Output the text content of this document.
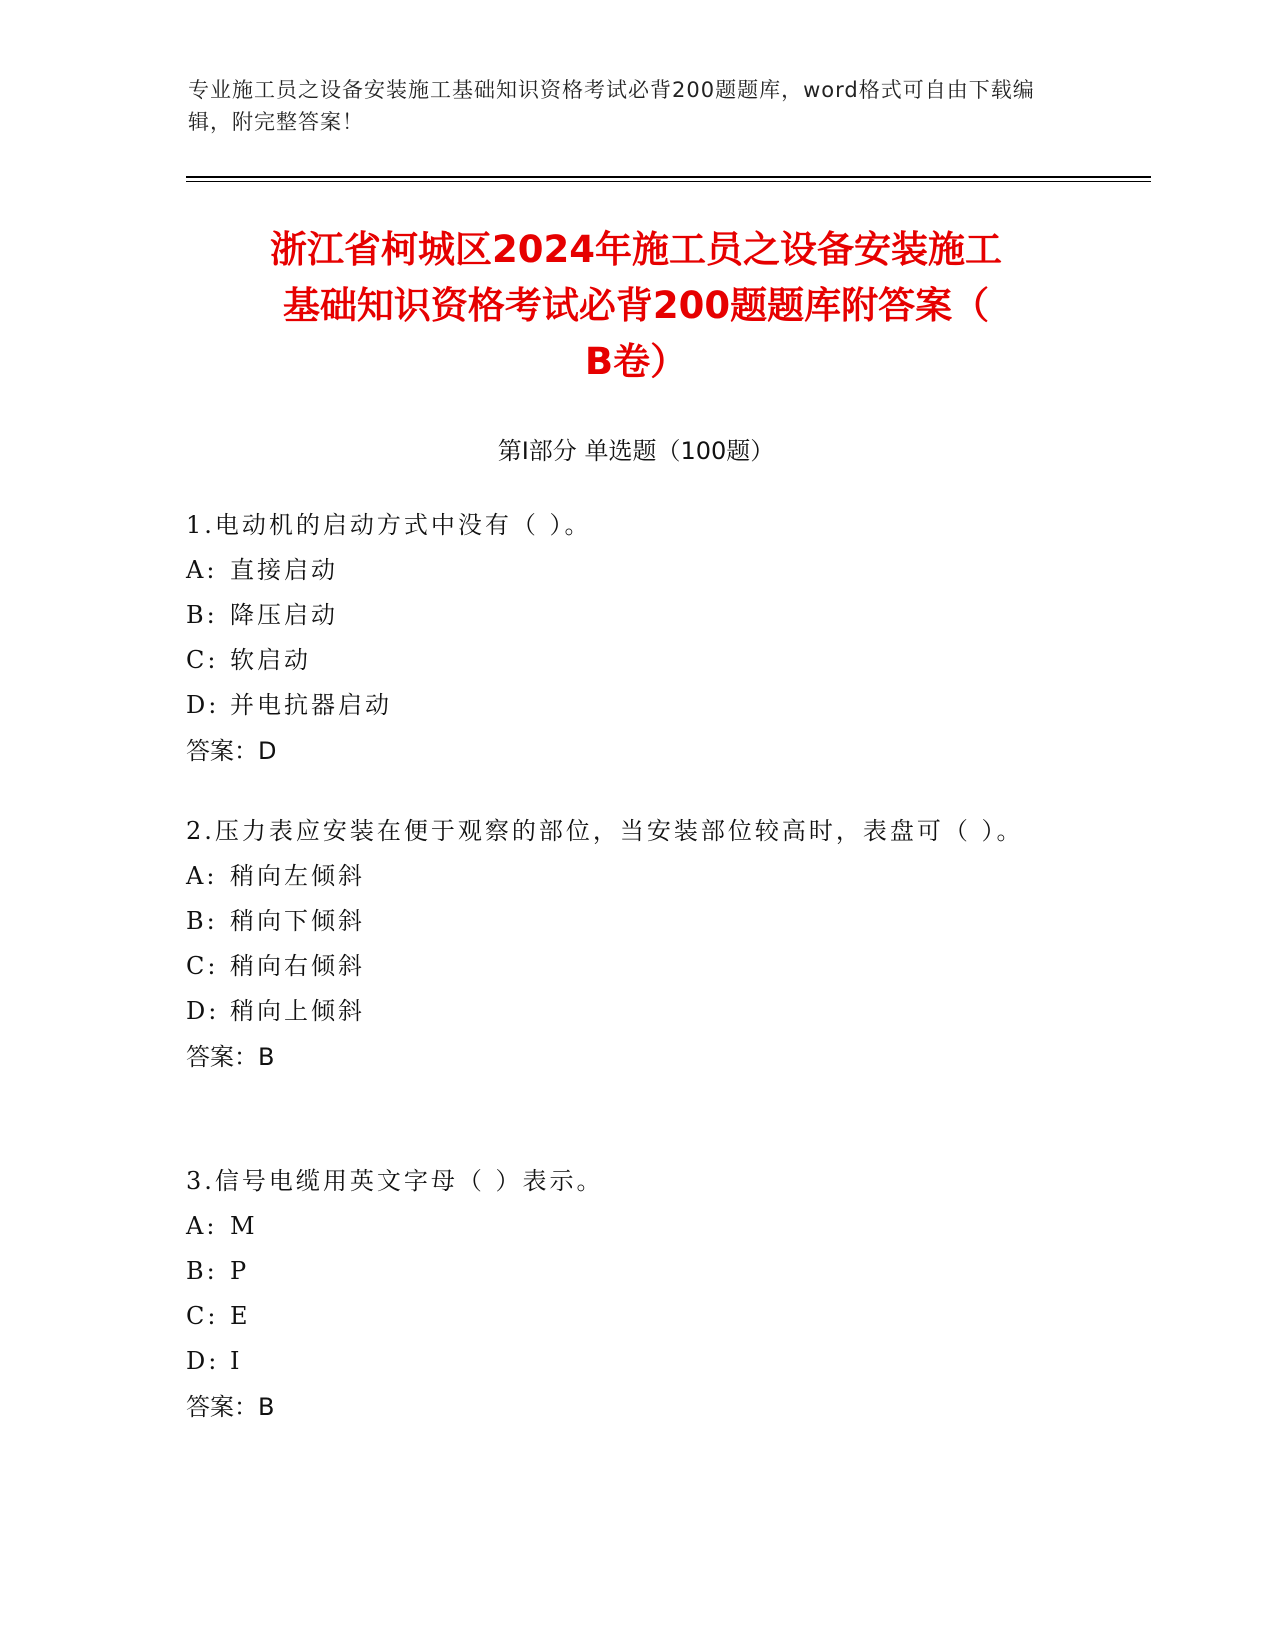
专业施工员之设备安装施工基础知识资格考试必背200题题库，word格式可自由下载编辑，附完整答案！
浙江省柯城区2024年施工员之设备安装施工
基础知识资格考试必背200题题库附答案（
B卷）
第I部分 单选题（100题）
1.电动机的启动方式中没有（ ）。
A: 直接启动
B: 降压启动
C: 软启动
D: 并电抗器启动
答案：D
2.压力表应安装在便于观察的部位，当安装部位较高时，表盘可（ ）。
A: 稍向左倾斜
B: 稍向下倾斜
C: 稍向右倾斜
D: 稍向上倾斜
答案：B
3.信号电缆用英文字母（ ）表示。
A: M
B: P
C: E
D: I
答案：B
